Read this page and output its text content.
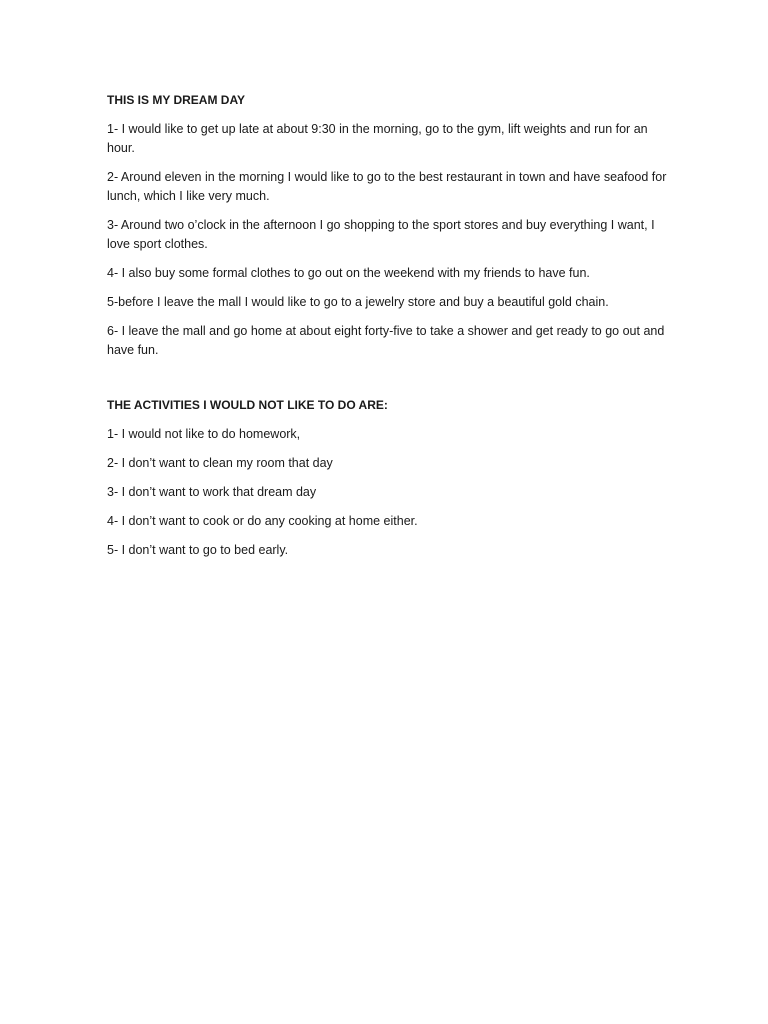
THIS IS MY DREAM DAY

1- I would like to get up late at about 9:30 in the morning, go to the gym, lift weights and run for an hour.

2- Around eleven in the morning I would like to go to the best restaurant in town and have seafood for lunch, which I like very much.

3- Around two o’clock in the afternoon I go shopping to the sport stores and buy everything I want, I love sport clothes.

4- I also buy some formal clothes to go out on the weekend with my friends to have fun.

5-before I leave the mall I would like to go to a jewelry store and buy a beautiful gold chain.

6- I leave the mall and go home at about eight forty-five to take a shower and get ready to go out and have fun.

THE ACTIVITIES I WOULD NOT LIKE TO DO ARE:

1- I would not like to do homework,

2- I don’t want to clean my room that day

3- I don’t want to work that dream day

4- I don’t want to cook or do any cooking at home either.

5- I don’t want to go to bed early.
